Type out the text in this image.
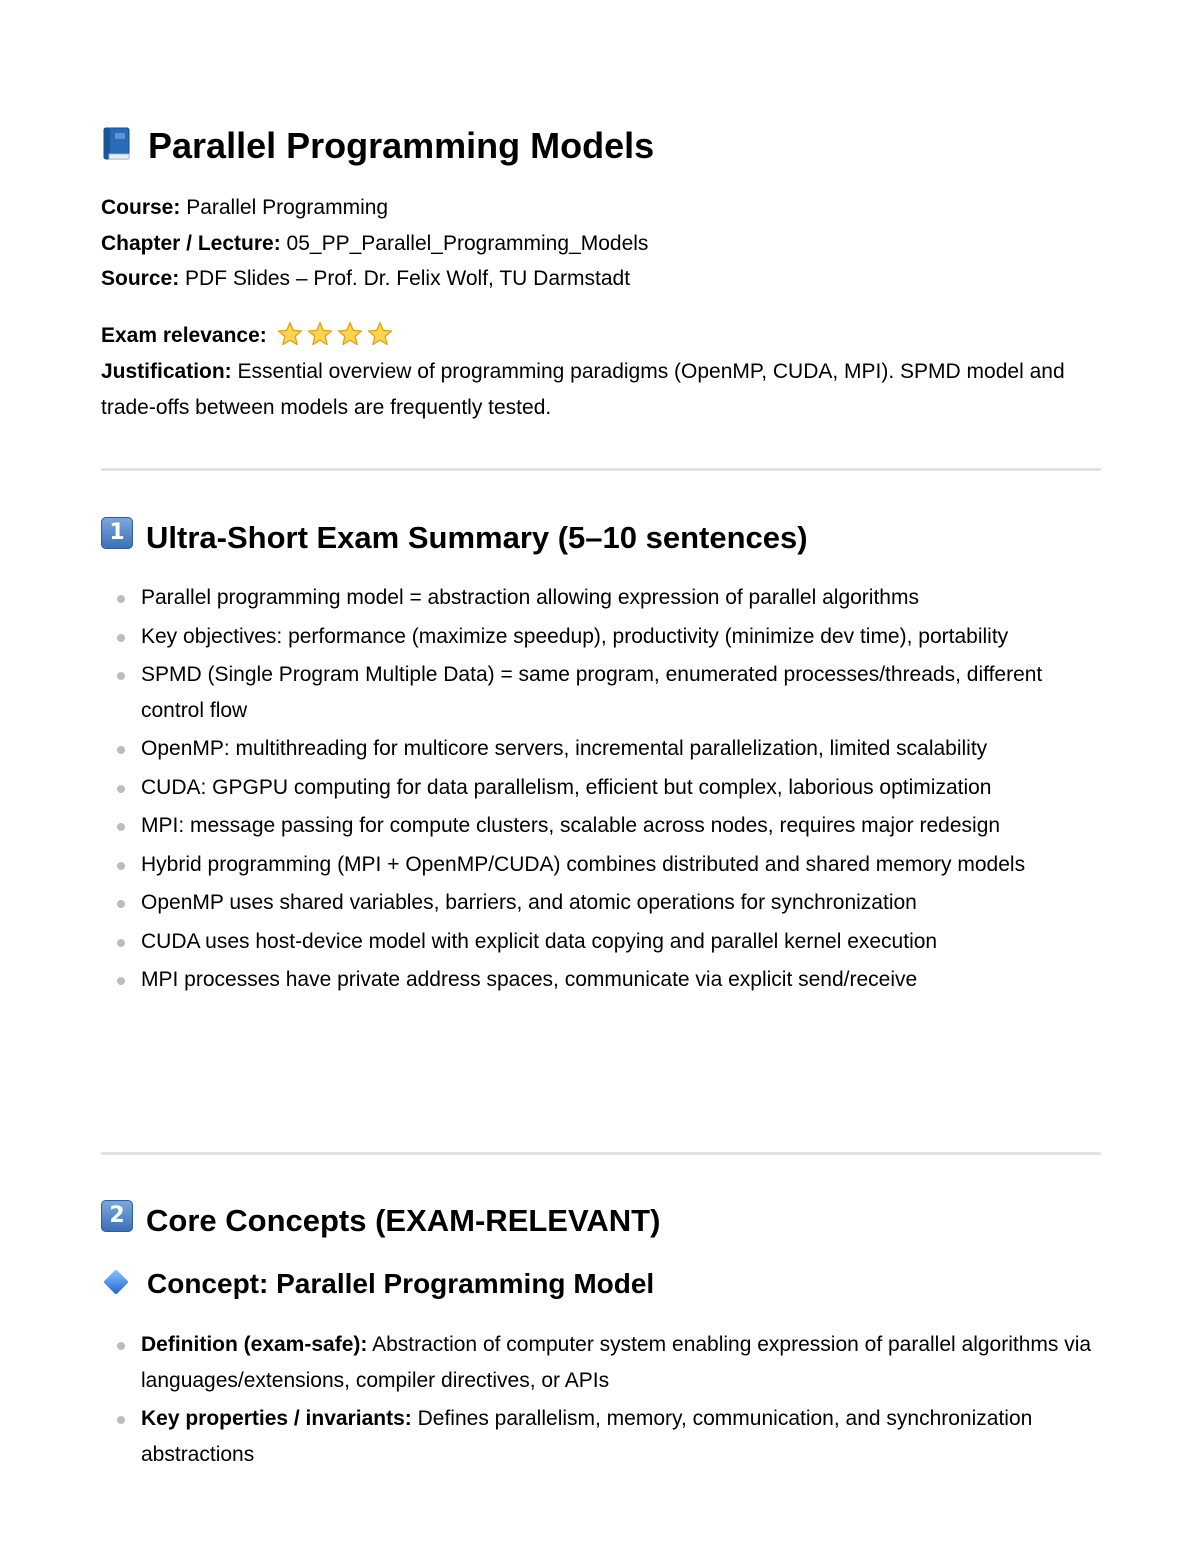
Parallel Programming Models
Course: Parallel Programming
Chapter / Lecture: 05_PP_Parallel_Programming_Models
Source: PDF Slides – Prof. Dr. Felix Wolf, TU Darmstadt
Exam relevance:
Justification: Essential overview of programming paradigms (OpenMP, CUDA, MPI). SPMD model and trade-offs between models are frequently tested.
1 Ultra-Short Exam Summary (5–10 sentences)
Parallel programming model = abstraction allowing expression of parallel algorithms
Key objectives: performance (maximize speedup), productivity (minimize dev time), portability
SPMD (Single Program Multiple Data) = same program, enumerated processes/threads, different control flow
OpenMP: multithreading for multicore servers, incremental parallelization, limited scalability
CUDA: GPGPU computing for data parallelism, efficient but complex, laborious optimization
MPI: message passing for compute clusters, scalable across nodes, requires major redesign
Hybrid programming (MPI + OpenMP/CUDA) combines distributed and shared memory models
OpenMP uses shared variables, barriers, and atomic operations for synchronization
CUDA uses host-device model with explicit data copying and parallel kernel execution
MPI processes have private address spaces, communicate via explicit send/receive
2 Core Concepts (EXAM-RELEVANT)
Concept: Parallel Programming Model
Definition (exam-safe): Abstraction of computer system enabling expression of parallel algorithms via languages/extensions, compiler directives, or APIs
Key properties / invariants: Defines parallelism, memory, communication, and synchronization abstractions
